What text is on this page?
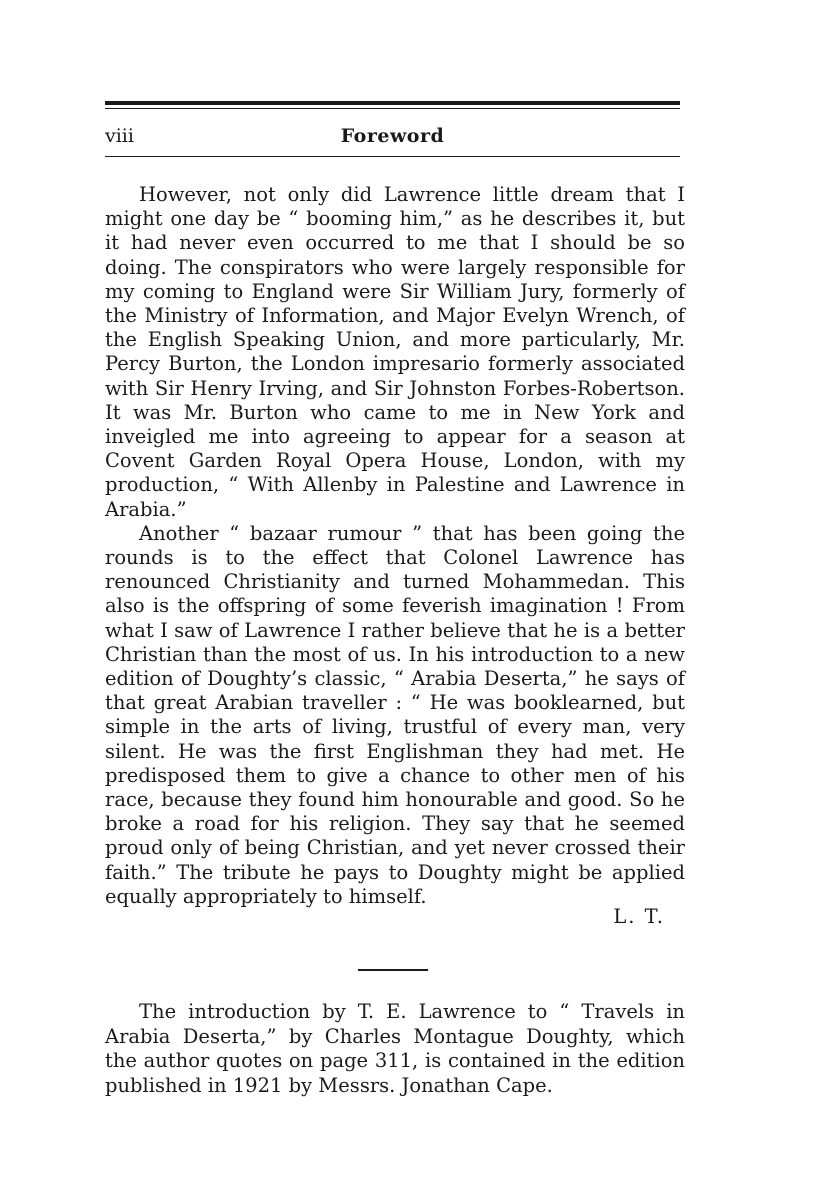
viii	Foreword

However, not only did Lawrence little dream that I might one day be “ booming him,” as he describes it, but it had never even occurred to me that I should be so doing. The conspirators who were largely responsible for my coming to England were Sir William Jury, formerly of the Ministry of Information, and Major Evelyn Wrench, of the English Speaking Union, and more particularly, Mr. Percy Burton, the London impresario formerly associated with Sir Henry Irving, and Sir Johnston Forbes-Robertson. It was Mr. Burton who came to me in New York and inveigled me into agreeing to appear for a season at Covent Garden Royal Opera House, London, with my production, “ With Allenby in Palestine and Lawrence in Arabia.”

Another “ bazaar rumour ” that has been going the rounds is to the effect that Colonel Lawrence has renounced Christianity and turned Mohammedan. This also is the offspring of some feverish imagination ! From what I saw of Lawrence I rather believe that he is a better Christian than the most of us. In his introduction to a new edition of Doughty’s classic, “ Arabia Deserta,” he says of that great Arabian traveller : “ He was booklearned, but simple in the arts of living, trustful of every man, very silent. He was the first Englishman they had met. He predisposed them to give a chance to other men of his race, because they found him honourable and good. So he broke a road for his religion. They say that he seemed proud only of being Christian, and yet never crossed their faith.” The tribute he pays to Doughty might be applied equally appropriately to himself.

L. T.

The introduction by T. E. Lawrence to “ Travels in Arabia Deserta,” by Charles Montague Doughty, which the author quotes on page 311, is contained in the edition published in 1921 by Messrs. Jonathan Cape.
